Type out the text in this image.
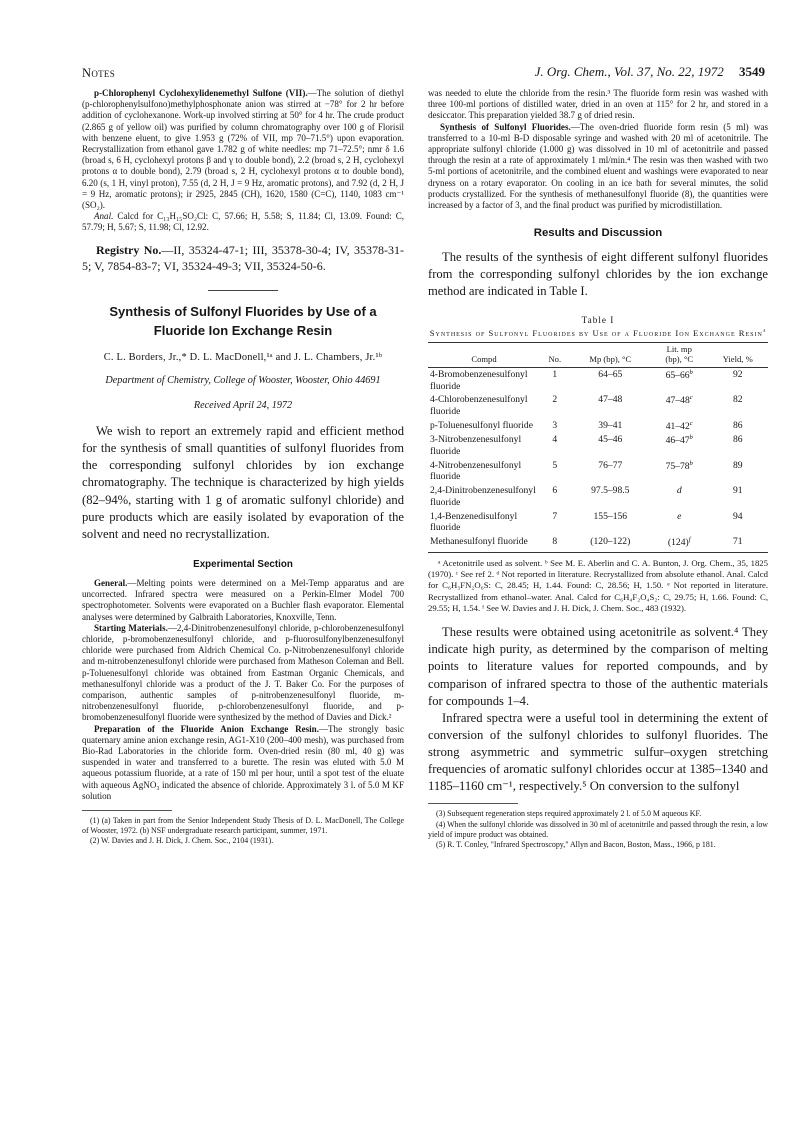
Notes	J. Org. Chem., Vol. 37, No. 22, 1972 3549

p-Chlorophenyl Cyclohexylidenemethyl Sulfone (VII).—The solution of diethyl (p-chlorophenylsulfono)methylphosphonate anion was stirred at −78° for 2 hr before addition of cyclohexanone. Work-up involved stirring at 50° for 4 hr. The crude product (2.865 g of yellow oil) was purified by column chromatography over 100 g of Florisil with benzene eluent, to give 1.953 g (72% of VII, mp 70–71.5°) upon evaporation. Recrystallization from ethanol gave 1.782 g of white needles: mp 71–72.5°; nmr δ 1.6 (broad s, 6 H, cyclohexyl protons β and γ to double bond), 2.2 (broad s, 2 H, cyclohexyl protons α to double bond), 2.79 (broad s, 2 H, cyclohexyl protons α to double bond), 6.20 (s, 1 H, vinyl proton), 7.55 (d, 2 H, J = 9 Hz, aromatic protons), and 7.92 (d, 2 H, J = 9 Hz, aromatic protons); ir 2925, 2845 (CH), 1620, 1580 (C=C), 1140, 1083 cm⁻¹ (SO₂).

Anal. Calcd for C₁₃H₁₅SO₂Cl: C, 57.66; H, 5.58; S, 11.84; Cl, 13.09. Found: C, 57.79; H, 5.67; S, 11.98; Cl, 12.92.

Registry No.—II, 35324-47-1; III, 35378-30-4; IV, 35378-31-5; V, 7854-83-7; VI, 35324-49-3; VII, 35324-50-6.
Synthesis of Sulfonyl Fluorides by Use of a Fluoride Ion Exchange Resin
C. L. Borders, Jr.,* D. L. MacDonell,¹ᵃ and J. L. Chambers, Jr.¹ᵇ
Department of Chemistry, College of Wooster, Wooster, Ohio 44691
Received April 24, 1972

We wish to report an extremely rapid and efficient method for the synthesis of small quantities of sulfonyl fluorides from the corresponding sulfonyl chlorides by ion exchange chromatography. The technique is characterized by high yields (82–94%, starting with 1 g of aromatic sulfonyl chloride) and pure products which are easily isolated by evaporation of the solvent and need no recrystallization.

Experimental Section

General.—Melting points were determined on a Mel-Temp apparatus and are uncorrected. Infrared spectra were measured on a Perkin-Elmer Model 700 spectrophotometer. Solvents were evaporated on a Buchler flash evaporator. Elemental analyses were determined by Galbraith Laboratories, Knoxville, Tenn.

Starting Materials.—2,4-Dinitrobenzenesulfonyl chloride, p-chlorobenzenesulfonyl chloride, p-bromobenzenesulfonyl chloride, and p-fluorosulfonylbenzenesulfonyl chloride were purchased from Aldrich Chemical Co. p-Nitrobenzenesulfonyl chloride and m-nitrobenzenesulfonyl chloride were purchased from Matheson Coleman and Bell. p-Toluenesulfonyl chloride was obtained from Eastman Organic Chemicals, and methanesulfonyl chloride was a product of the J. T. Baker Co. For the purposes of comparison, authentic samples of p-nitrobenzenesulfonyl fluoride, m-nitrobenzenesulfonyl fluoride, p-chlorobenzenesulfonyl fluoride, and p-bromobenzenesulfonyl fluoride were synthesized by the method of Davies and Dick.²

Preparation of the Fluoride Anion Exchange Resin.—The strongly basic quaternary amine anion exchange resin, AG1-X10 (200–400 mesh), was purchased from Bio-Rad Laboratories in the chloride form. Oven-dried resin (80 ml, 40 g) was suspended in water and transferred to a burette. The resin was eluted with 5.0 M aqueous potassium fluoride, at a rate of 150 ml per hour, until a spot test of the eluate with aqueous AgNO₃ indicated the absence of chloride. Approximately 3 l. of 5.0 M KF solution

(1) (a) Taken in part from the Senior Independent Study Thesis of D. L. MacDonell, The College of Wooster, 1972. (b) NSF undergraduate research participant, summer, 1971.

(2) W. Davies and J. H. Dick, J. Chem. Soc., 2104 (1931).

was needed to elute the chloride from the resin.³ The fluoride form resin was washed with three 100-ml portions of distilled water, dried in an oven at 115° for 2 hr, and stored in a desiccator. This preparation yielded 38.7 g of dried resin.

Synthesis of Sulfonyl Fluorides.—The oven-dried fluoride form resin (5 ml) was transferred to a 10-ml B-D disposable syringe and washed with 20 ml of acetonitrile. The appropriate sulfonyl chloride (1.000 g) was dissolved in 10 ml of acetonitrile and passed through the resin at a rate of approximately 1 ml/min.⁴ The resin was then washed with two 5-ml portions of acetonitrile, and the combined eluent and washings were evaporated to near dryness on a rotary evaporator. On cooling in an ice bath for several minutes, the solid products crystallized. For the synthesis of methanesulfonyl fluoride (8), the quantities were increased by a factor of 3, and the final product was purified by microdistillation.

Results and Discussion

The results of the synthesis of eight different sulfonyl fluorides from the corresponding sulfonyl chlorides by the ion exchange method are indicated in Table I.

Table I
Synthesis of Sulfonyl Fluorides by Use of a Fluoride Ion Exchange Resin$^a$
Compd	No.	Mp (bp), °C	Lit. mp
(bp), °C	Yield, %
4-Bromobenzenesulfonyl fluoride	1	64–65	65–66$^b$	92
4-Chlorobenzenesulfonyl fluoride	2	47–48	47–48$^c$	82
p-Toluenesulfonyl fluoride	3	39–41	41–42$^c$	86
3-Nitrobenzenesulfonyl fluoride	4	45–46	46–47$^b$	86
4-Nitrobenzenesulfonyl fluoride	5	76–77	75–78$^b$	89
2,4-Dinitrobenzenesulfonyl fluoride	6	97.5–98.5	d	91
1,4-Benzenedisulfonyl fluoride	7	155–156	e	94
Methanesulfonyl fluoride	8	(120–122)	$(124)^f$	71

ᵃ Acetonitrile used as solvent. ᵇ See M. E. Aberlin and C. A. Bunton, J. Org. Chem., 35, 1825 (1970). ᶜ See ref 2. ᵈ Not reported in literature. Recrystallized from absolute ethanol. Anal. Calcd for C₆H₃FN₂O₆S: C, 28.45; H, 1.44. Found: C, 28.56; H, 1.50. ᵉ Not reported in literature. Recrystallized from ethanol–water. Anal. Calcd for C₆H₄F₂O₄S₂: C, 29.75; H, 1.66. Found: C, 29.55; H, 1.54. ᶠ See W. Davies and J. H. Dick, J. Chem. Soc., 483 (1932).

These results were obtained using acetonitrile as solvent.⁴ They indicate high purity, as determined by the comparison of melting points to literature values for reported compounds, and by comparison of infrared spectra to those of the authentic materials for compounds 1–4.

Infrared spectra were a useful tool in determining the extent of conversion of the sulfonyl chlorides to sulfonyl fluorides. The strong asymmetric and symmetric sulfur–oxygen stretching frequencies of aromatic sulfonyl chlorides occur at 1385–1340 and 1185–1160 cm⁻¹, respectively.⁵ On conversion to the sulfonyl

(3) Subsequent regeneration steps required approximately 2 l. of 5.0 M aqueous KF.

(4) When the sulfonyl chloride was dissolved in 30 ml of acetonitrile and passed through the resin, a low yield of impure product was obtained.

(5) R. T. Conley, "Infrared Spectroscopy," Allyn and Bacon, Boston, Mass., 1966, p 181.
